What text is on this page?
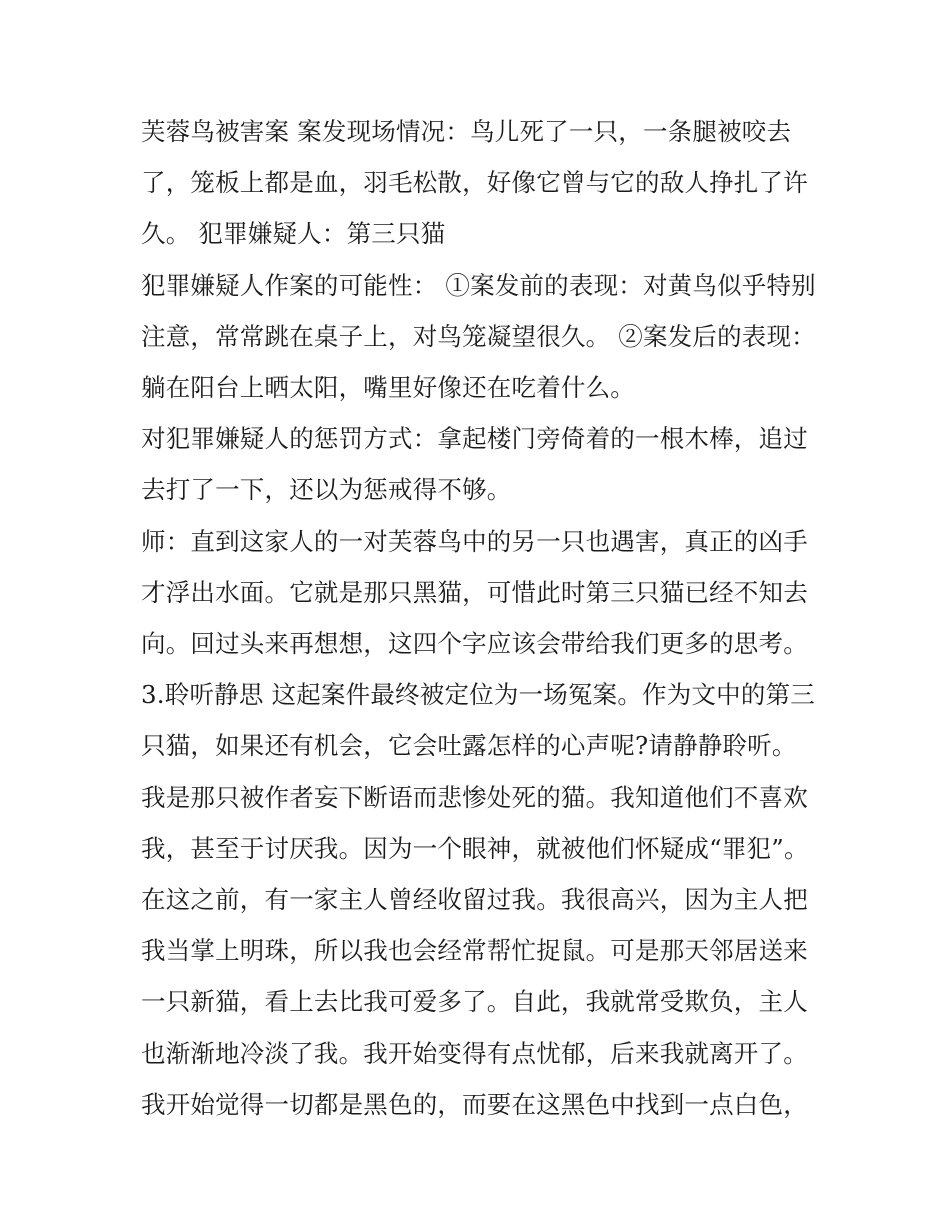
芙蓉鸟被害案 案发现场情况：鸟儿死了一只，一条腿被咬去了，笼板上都是血，羽毛松散，好像它曾与它的敌人挣扎了许久。 犯罪嫌疑人：第三只猫

犯罪嫌疑人作案的可能性： ①案发前的表现：对黄鸟似乎特别注意，常常跳在桌子上，对鸟笼凝望很久。 ②案发后的表现：躺在阳台上晒太阳，嘴里好像还在吃着什么。

对犯罪嫌疑人的惩罚方式：拿起楼门旁倚着的一根木棒，追过去打了一下，还以为惩戒得不够。

师：直到这家人的一对芙蓉鸟中的另一只也遇害，真正的凶手才浮出水面。它就是那只黑猫，可惜此时第三只猫已经不知去向。回过头来再想想，这四个字应该会带给我们更多的思考。

3.聆听静思 这起案件最终被定位为一场冤案。作为文中的第三只猫，如果还有机会，它会吐露怎样的心声呢?请静静聆听。

我是那只被作者妄下断语而悲惨处死的猫。我知道他们不喜欢我，甚至于讨厌我。因为一个眼神，就被他们怀疑成“罪犯”。在这之前，有一家主人曾经收留过我。我很高兴，因为主人把我当掌上明珠，所以我也会经常帮忙捉鼠。可是那天邻居送来一只新猫，看上去比我可爱多了。自此，我就常受欺负，主人也渐渐地冷淡了我。我开始变得有点忧郁，后来我就离开了。

我开始觉得一切都是黑色的，而要在这黑色中找到一点白色，
